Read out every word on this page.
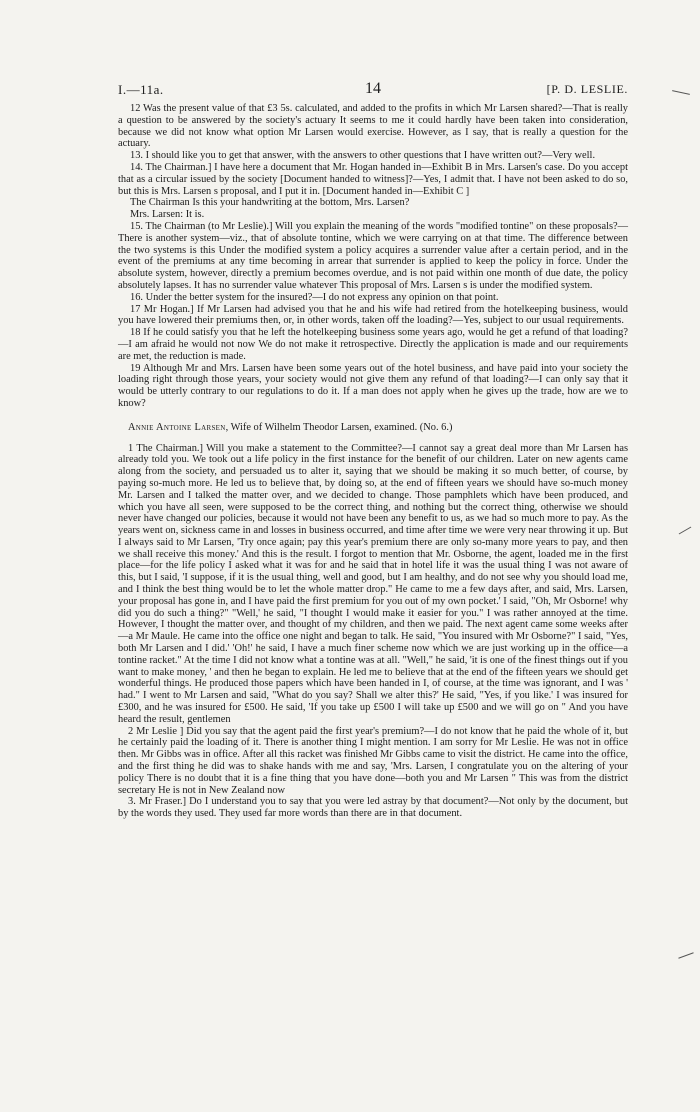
I.—11a.	14	[P. D. LESLIE.

12 Was the present value of that £3 5s. calculated, and added to the profits in which Mr Larsen shared?—That is really a question to be answered by the society's actuary It seems to me it could hardly have been taken into consideration, because we did not know what option Mr Larsen would exercise. However, as I say, that is really a question for the actuary.

13. I should like you to get that answer, with the answers to other questions that I have written out?—Very well.

14. The Chairman.] I have here a document that Mr. Hogan handed in—Exhibit B in Mrs. Larsen's case. Do you accept that as a circular issued by the society [Document handed to witness]?—Yes, I admit that. I have not been asked to do so, but this is Mrs. Larsen s proposal, and I put it in. [Document handed in—Exhibit C ]

The Chairman Is this your handwriting at the bottom, Mrs. Larsen?

Mrs. Larsen: It is.

15. The Chairman (to Mr Leslie).] Will you explain the meaning of the words "modified tontine" on these proposals?—There is another system—viz., that of absolute tontine, which we were carrying on at that time. The difference between the two systems is this Under the modified system a policy acquires a surrender value after a certain period, and in the event of the premiums at any time becoming in arrear that surrender is applied to keep the policy in force. Under the absolute system, however, directly a premium becomes overdue, and is not paid within one month of due date, the policy absolutely lapses. It has no surrender value whatever This proposal of Mrs. Larsen s is under the modified system.

16. Under the better system for the insured?—I do not express any opinion on that point.

17 Mr Hogan.] If Mr Larsen had advised you that he and his wife had retired from the hotelkeeping business, would you have lowered their premiums then, or, in other words, taken off the loading?—Yes, subject to our usual requirements.

18 If he could satisfy you that he left the hotelkeeping business some years ago, would he get a refund of that loading?—I am afraid he would not now We do not make it retrospective. Directly the application is made and our requirements are met, the reduction is made.

19 Although Mr and Mrs. Larsen have been some years out of the hotel business, and have paid into your society the loading right through those years, your society would not give them any refund of that loading?—I can only say that it would be utterly contrary to our regulations to do it. If a man does not apply when he gives up the trade, how are we to know?

Annie Antoine Larsen, Wife of Wilhelm Theodor Larsen, examined. (No. 6.)

1 The Chairman.] Will you make a statement to the Committee?—I cannot say a great deal more than Mr Larsen has already told you. We took out a life policy in the first instance for the benefit of our children. Later on new agents came along from the society, and persuaded us to alter it, saying that we should be making it so much better, of course, by paying so-much more. He led us to believe that, by doing so, at the end of fifteen years we should have so-much money Mr. Larsen and I talked the matter over, and we decided to change. Those pamphlets which have been produced, and which you have all seen, were supposed to be the correct thing, and nothing but the correct thing, otherwise we should never have changed our policies, because it would not have been any benefit to us, as we had so much more to pay. As the years went on, sickness came in and losses in business occurred, and time after time we were very near throwing it up. But I always said to Mr Larsen, 'Try once again; pay this year's premium there are only so-many more years to pay, and then we shall receive this money.' And this is the result. I forgot to mention that Mr. Osborne, the agent, loaded me in the first place—for the life policy I asked what it was for and he said that in hotel life it was the usual thing I was not aware of this, but I said, 'I suppose, if it is the usual thing, well and good, but I am healthy, and do not see why you should load me, and I think the best thing would be to let the whole matter drop." He came to me a few days after, and said, Mrs. Larsen, your proposal has gone in, and I have paid the first premium for you out of my own pocket.' I said, "Oh, Mr Osborne! why did you do such a thing?" "Well,' he said, "I thought I would make it easier for you." I was rather annoyed at the time. However, I thought the matter over, and thought of my children, and then we paid. The next agent came some weeks after—a Mr Maule. He came into the office one night and began to talk. He said, "You insured with Mr Osborne?" I said, "Yes, both Mr Larsen and I did.' 'Oh!' he said, I have a much finer scheme now which we are just working up in the office—a tontine racket." At the time I did not know what a tontine was at all. "Well," he said, 'it is one of the finest things out if you want to make money, ' and then he began to explain. He led me to believe that at the end of the fifteen years we should get wonderful things. He produced those papers which have been handed in I, of course, at the time was ignorant, and I was ' had." I went to Mr Larsen and said, "What do you say? Shall we alter this?' He said, "Yes, if you like.' I was insured for £300, and he was insured for £500. He said, 'If you take up £500 I will take up £500 and we will go on " And you have heard the result, gentlemen

2 Mr Leslie ] Did you say that the agent paid the first year's premium?—I do not know that he paid the whole of it, but he certainly paid the loading of it. There is another thing I might mention. I am sorry for Mr Leslie. He was not in office then. Mr Gibbs was in office. After all this racket was finished Mr Gibbs came to visit the district. He came into the office, and the first thing he did was to shake hands with me and say, 'Mrs. Larsen, I congratulate you on the altering of your policy There is no doubt that it is a fine thing that you have done—both you and Mr Larsen " This was from the district secretary He is not in New Zealand now

3. Mr Fraser.] Do I understand you to say that you were led astray by that document?—Not only by the document, but by the words they used. They used far more words than there are in that document.
